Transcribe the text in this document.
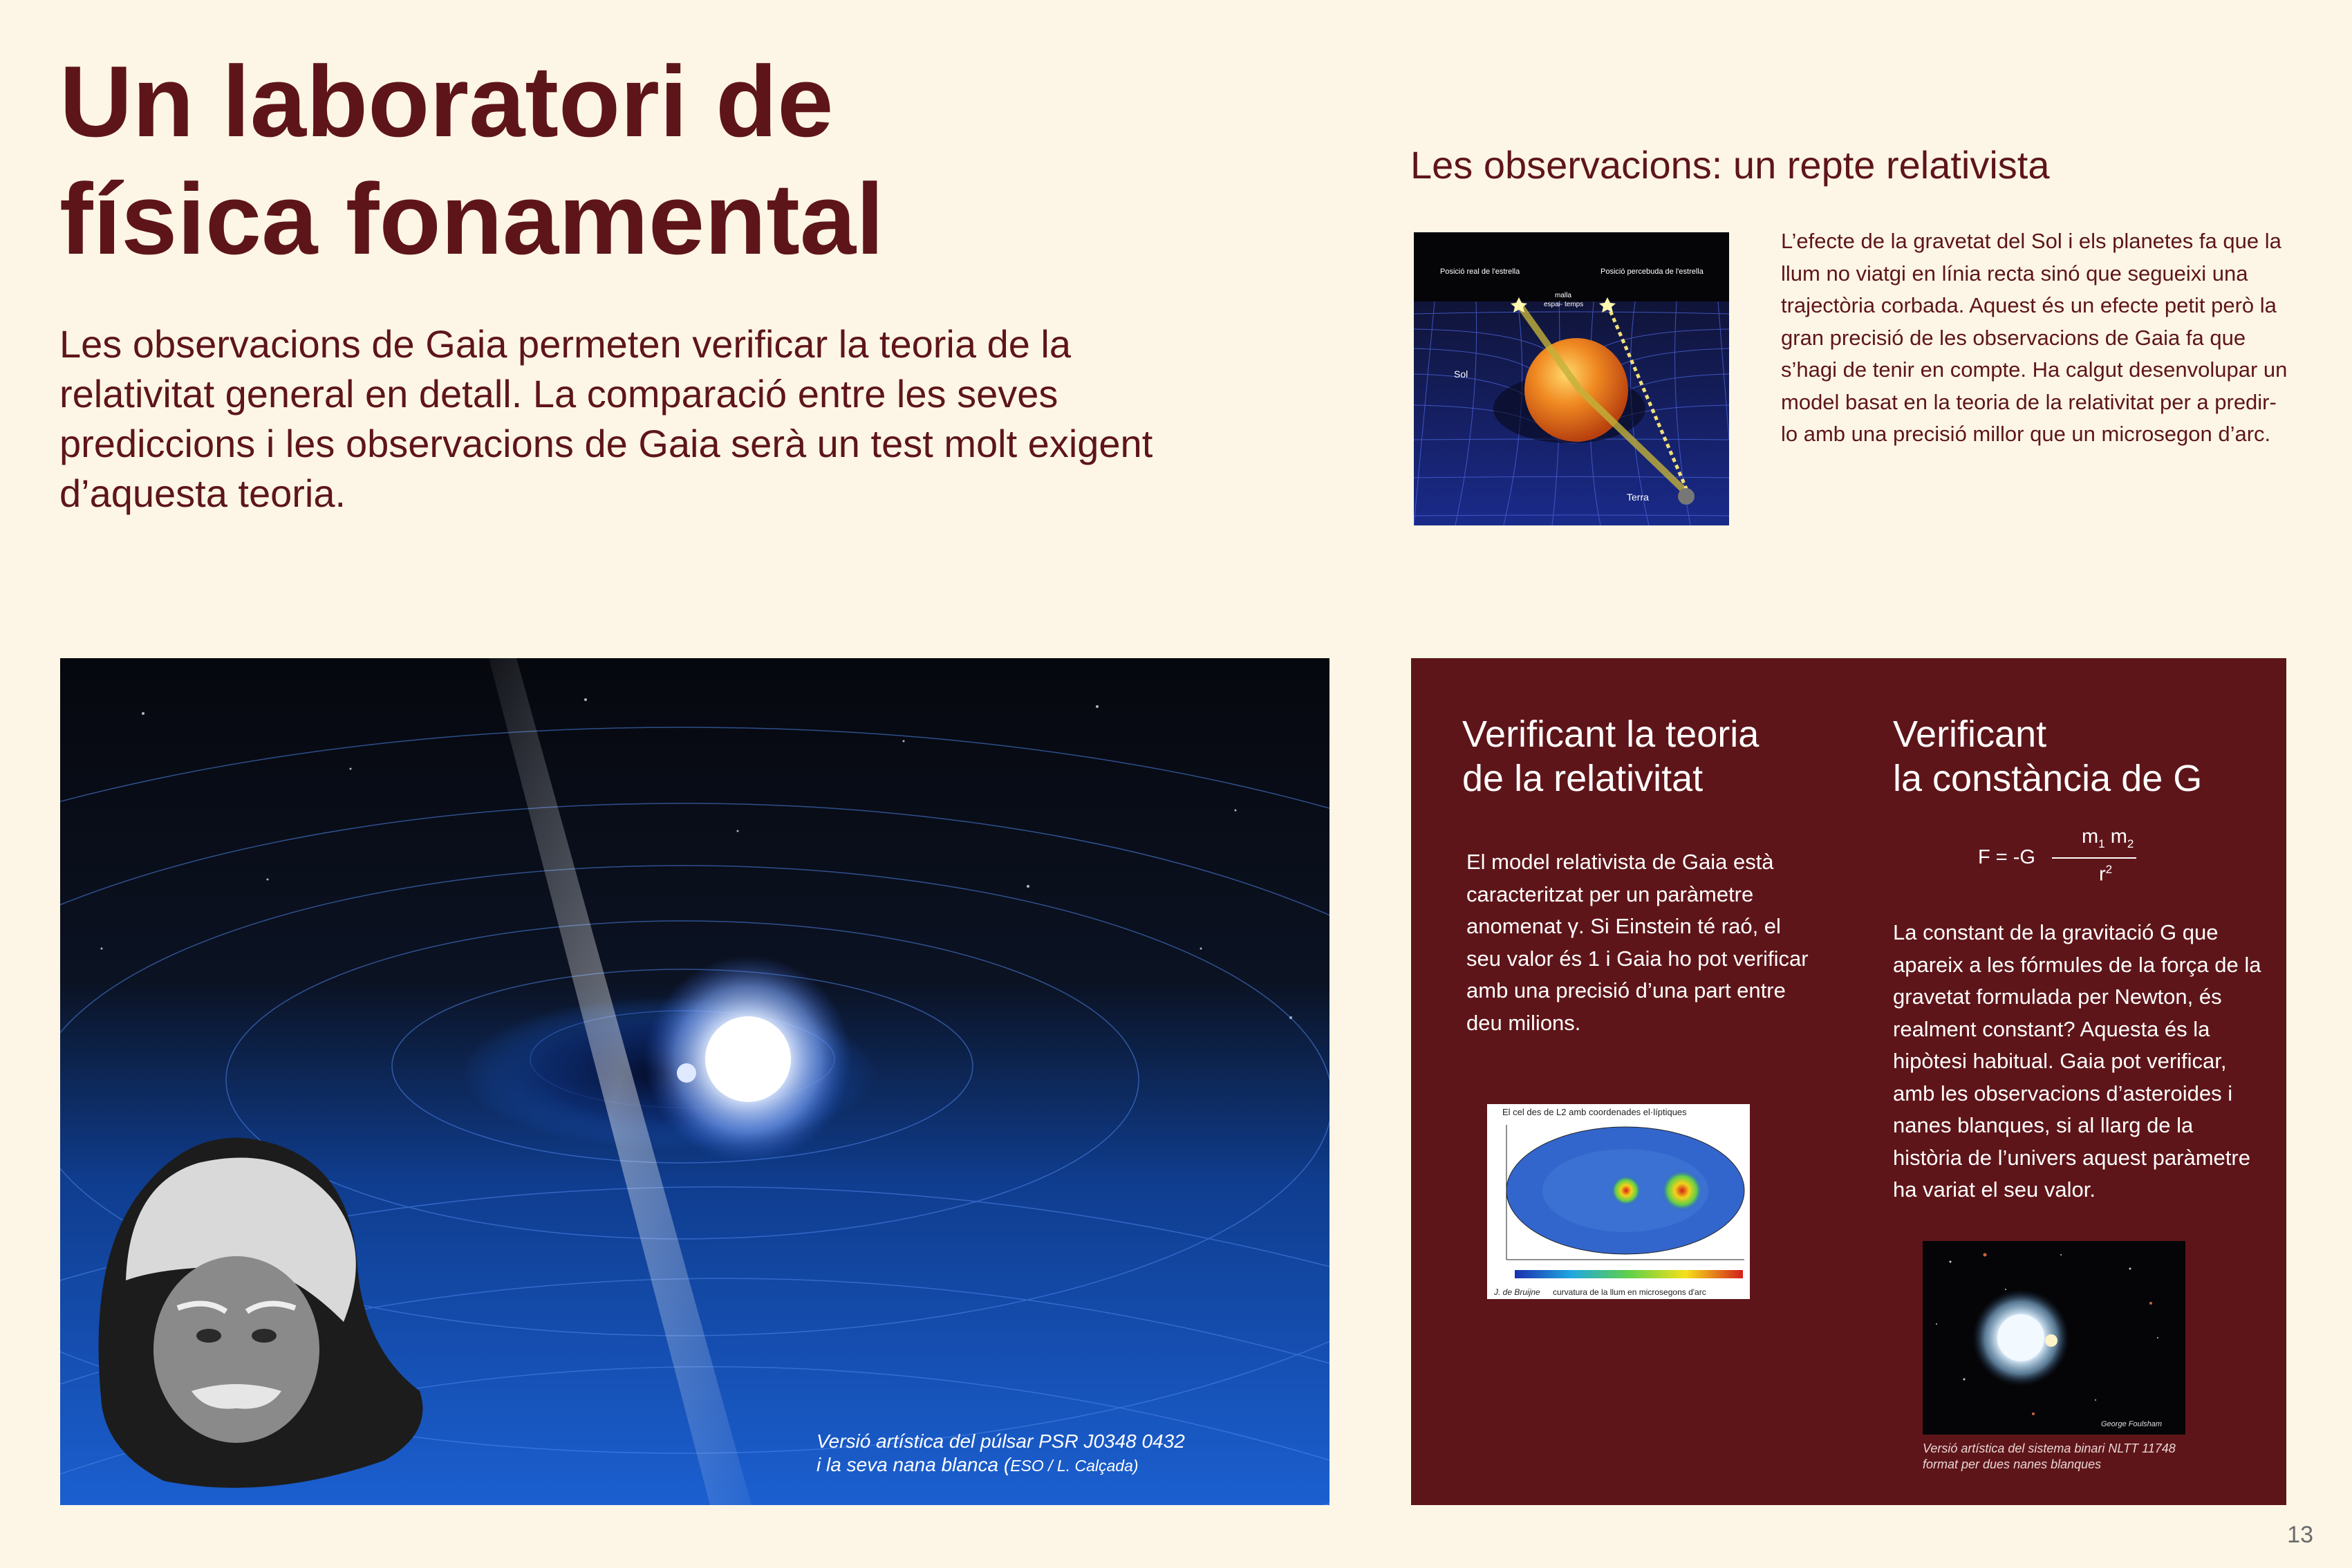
Un laboratori de
física fonamental

Les observacions de Gaia permeten verificar la teoria de la relativitat general en detall. La comparació entre les seves prediccions i les observacions de Gaia serà un test molt exigent d’aquesta teoria.

Les observacions: un repte relativista
Posició real de l'estrella	Posició percebuda de l'estrella
malla
espai- temps
Sol
Terra

L’efecte de la gravetat del Sol i els planetes fa que la llum no viatgi en línia recta sinó que segueixi una trajectòria corbada. Aquest és un efecte petit però la gran precisió de les observacions de Gaia fa que s’hagi de tenir en compte. Ha calgut desenvolupar un model basat en la teoria de la relativitat per a predir-lo amb una precisió millor que un microsegon d’arc.

Versió artística del púlsar PSR J0348 0432
i la seva nana blanca (ESO / L. Calçada)
Verificant la teoria
de la relativitat

El model relativista de Gaia està caracteritzat per un paràmetre anomenat γ. Si Einstein té raó, el seu valor és 1 i Gaia ho pot verificar amb una precisió d’una part entre deu milions.

El cel des de L2 amb coordenades el·líptiques
J. de Bruijne curvatura de la llum en microsegons d'arc
Verificant
la constància de G
F = -G
$m_1$ $m_2$
$r^2$

La constant de la gravitació G que apareix a les fórmules de la força de la gravetat formulada per Newton, és realment constant? Aquesta és la hipòtesi habitual. Gaia pot verificar, amb les observacions d’asteroides i nanes blanques, si al llarg de la història de l’univers aquest paràmetre ha variat el seu valor.

George Foulsham
Versió artística del sistema binari NLTT 11748
format per dues nanes blanques
13
